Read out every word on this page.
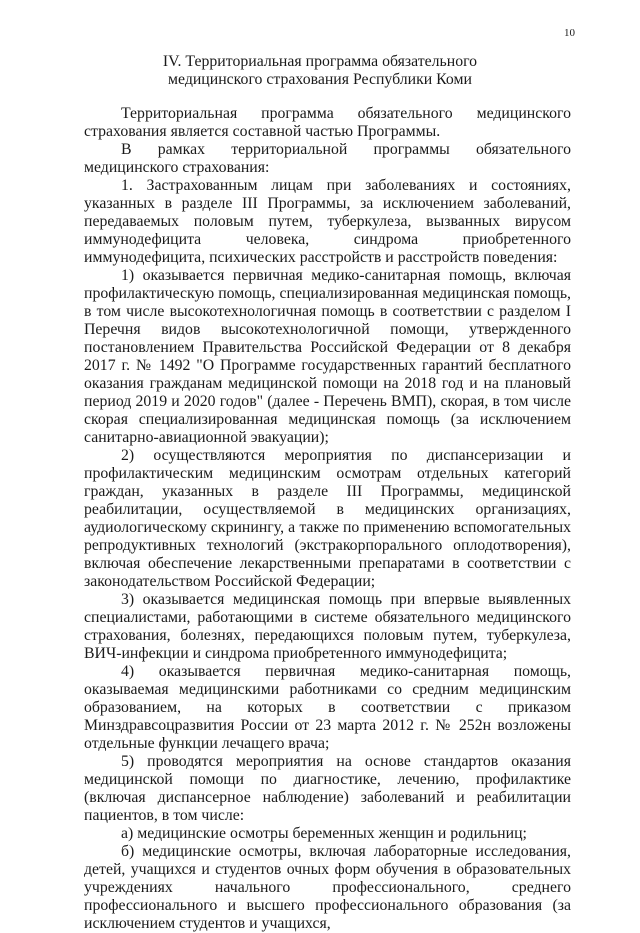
10
IV. Территориальная программа обязательного
медицинского страхования Республики Коми

Территориальная программа обязательного медицинского страхования является составной частью Программы.

В рамках территориальной программы обязательного медицинского страхования:

1. Застрахованным лицам при заболеваниях и состояниях, указанных в разделе III Программы, за исключением заболеваний, передаваемых половым путем, туберкулеза, вызванных вирусом иммунодефицита человека, синдрома приобретенного иммунодефицита, психических расстройств и расстройств поведения:

1) оказывается первичная медико-санитарная помощь, включая профилактическую помощь, специализированная медицинская помощь, в том числе высокотехнологичная помощь в соответствии с разделом I Перечня видов высокотехнологичной помощи, утвержденного постановлением Правительства Российской Федерации от 8 декабря 2017 г. № 1492 "О Программе государственных гарантий бесплатного оказания гражданам медицинской помощи на 2018 год и на плановый период 2019 и 2020 годов" (далее - Перечень ВМП), скорая, в том числе скорая специализированная медицинская помощь (за исключением санитарно-авиационной эвакуации);

2) осуществляются мероприятия по диспансеризации и профилактическим медицинским осмотрам отдельных категорий граждан, указанных в разделе III Программы, медицинской реабилитации, осуществляемой в медицинских организациях, аудиологическому скринингу, а также по применению вспомогательных репродуктивных технологий (экстракорпорального оплодотворения), включая обеспечение лекарственными препаратами в соответствии с законодательством Российской Федерации;

3) оказывается медицинская помощь при впервые выявленных специалистами, работающими в системе обязательного медицинского страхования, болезнях, передающихся половым путем, туберкулеза, ВИЧ-инфекции и синдрома приобретенного иммунодефицита;

4) оказывается первичная медико-санитарная помощь, оказываемая медицинскими работниками со средним медицинским образованием, на которых в соответствии с приказом Минздравсоцразвития России от 23 марта 2012 г. № 252н возложены отдельные функции лечащего врача;

5) проводятся мероприятия на основе стандартов оказания медицинской помощи по диагностике, лечению, профилактике (включая диспансерное наблюдение) заболеваний и реабилитации пациентов, в том числе:

а) медицинские осмотры беременных женщин и родильниц;

б) медицинские осмотры, включая лабораторные исследования, детей, учащихся и студентов очных форм обучения в образовательных учреждениях начального профессионального, среднего профессионального и высшего профессионального образования (за исключением студентов и учащихся,
